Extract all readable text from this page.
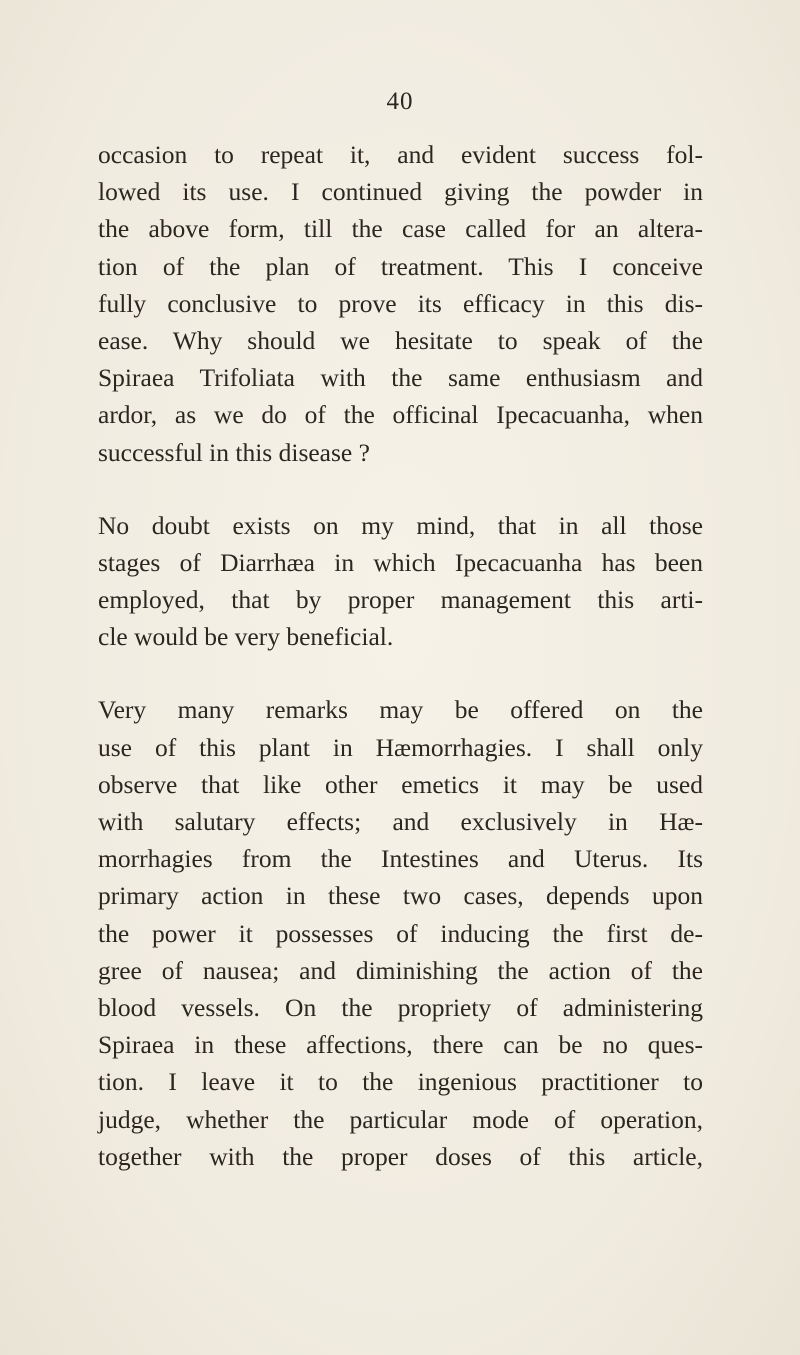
40

occasion to repeat it, and evident success fol-
lowed its use. I continued giving the powder in
the above form, till the case called for an altera-
tion of the plan of treatment. This I conceive
fully conclusive to prove its efficacy in this dis-
ease. Why should we hesitate to speak of the
Spiraea Trifoliata with the same enthusiasm and
ardor, as we do of the officinal Ipecacuanha, when
successful in this disease ?

No doubt exists on my mind, that in all those
stages of Diarrhæa in which Ipecacuanha has been
employed, that by proper management this arti-
cle would be very beneficial.

Very many remarks may be offered on the
use of this plant in Hæmorrhagies. I shall only
observe that like other emetics it may be used
with salutary effects; and exclusively in Hæ-
morrhagies from the Intestines and Uterus. Its
primary action in these two cases, depends upon
the power it possesses of inducing the first de-
gree of nausea; and diminishing the action of the
blood vessels. On the propriety of administering
Spiraea in these affections, there can be no ques-
tion. I leave it to the ingenious practitioner to
judge, whether the particular mode of operation,
together with the proper doses of this article,
